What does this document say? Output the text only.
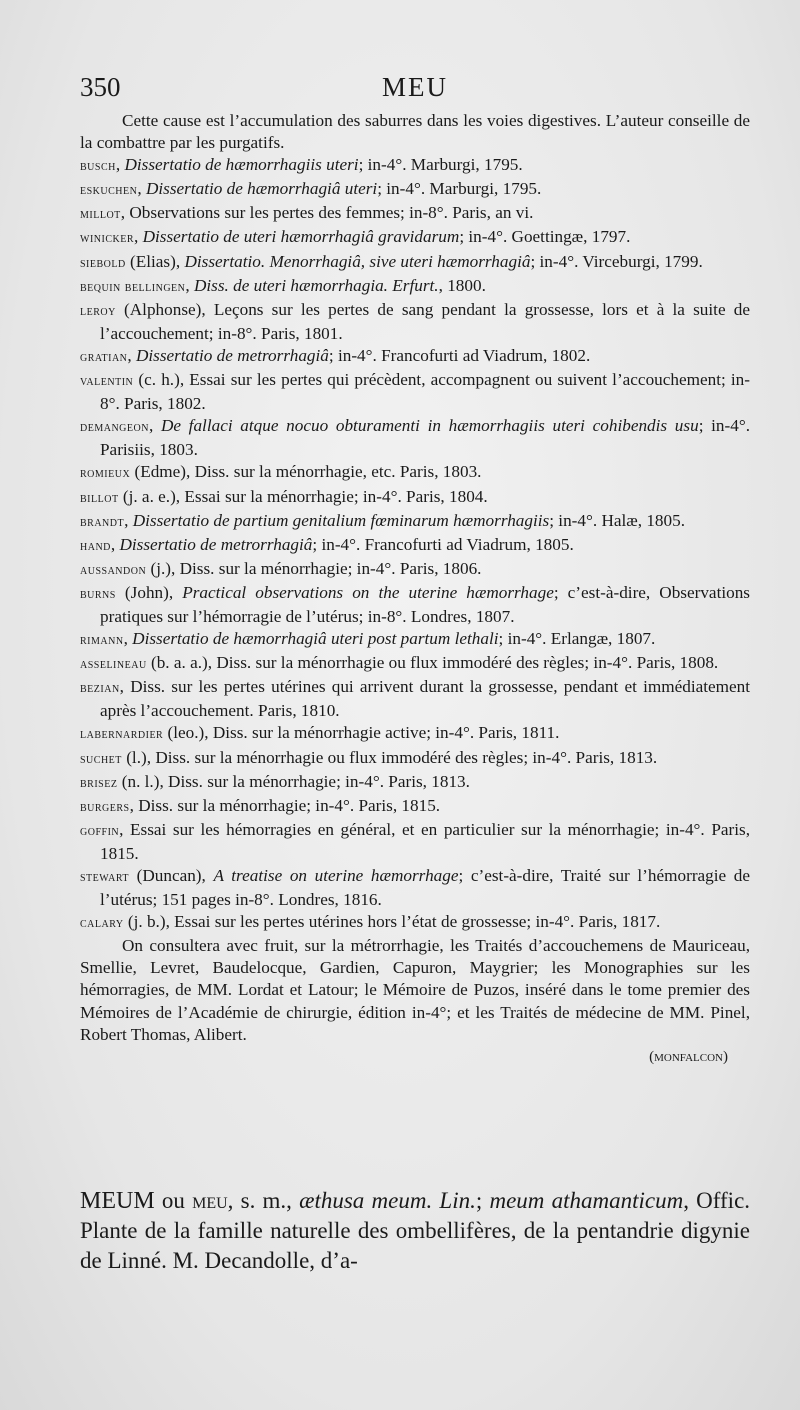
350	MEU

Cette cause est l’accumulation des saburres dans les voies digestives. L’auteur conseille de la combattre par les purgatifs.

busch, Dissertatio de hæmorrhagiis uteri; in-4°. Marburgi, 1795.

eskuchen, Dissertatio de hæmorrhagiâ uteri; in-4°. Marburgi, 1795.

millot, Observations sur les pertes des femmes; in-8°. Paris, an vi.

winicker, Dissertatio de uteri hæmorrhagiâ gravidarum; in-4°. Goettingæ, 1797.

siebold (Elias), Dissertatio. Menorrhagiâ, sive uteri hæmorrhagiâ; in-4°. Virceburgi, 1799.

bequin bellingen, Diss. de uteri hæmorrhagia. Erfurt., 1800.

leroy (Alphonse), Leçons sur les pertes de sang pendant la grossesse, lors et à la suite de l’accouchement; in-8°. Paris, 1801.

gratian, Dissertatio de metrorrhagiâ; in-4°. Francofurti ad Viadrum, 1802.

valentin (c. h.), Essai sur les pertes qui précèdent, accompagnent ou suivent l’accouchement; in-8°. Paris, 1802.

demangeon, De fallaci atque nocuo obturamenti in hæmorrhagiis uteri cohibendis usu; in-4°. Parisiis, 1803.

romieux (Edme), Diss. sur la ménorrhagie, etc. Paris, 1803.

billot (j. a. e.), Essai sur la ménorrhagie; in-4°. Paris, 1804.

brandt, Dissertatio de partium genitalium fœminarum hæmorrhagiis; in-4°. Halæ, 1805.

hand, Dissertatio de metrorrhagiâ; in-4°. Francofurti ad Viadrum, 1805.

aussandon (j.), Diss. sur la ménorrhagie; in-4°. Paris, 1806.

burns (John), Practical observations on the uterine hæmorrhage; c’est-à-dire, Observations pratiques sur l’hémorragie de l’utérus; in-8°. Londres, 1807.

rimann, Dissertatio de hæmorrhagiâ uteri post partum lethali; in-4°. Erlangæ, 1807.

asselineau (b. a. a.), Diss. sur la ménorrhagie ou flux immodéré des règles; in-4°. Paris, 1808.

bezian, Diss. sur les pertes utérines qui arrivent durant la grossesse, pendant et immédiatement après l’accouchement. Paris, 1810.

labernardier (leo.), Diss. sur la ménorrhagie active; in-4°. Paris, 1811.

suchet (l.), Diss. sur la ménorrhagie ou flux immodéré des règles; in-4°. Paris, 1813.

brisez (n. l.), Diss. sur la ménorrhagie; in-4°. Paris, 1813.

burgers, Diss. sur la ménorrhagie; in-4°. Paris, 1815.

goffin, Essai sur les hémorragies en général, et en particulier sur la ménorrhagie; in-4°. Paris, 1815.

stewart (Duncan), A treatise on uterine hæmorrhage; c’est-à-dire, Traité sur l’hémorragie de l’utérus; 151 pages in-8°. Londres, 1816.

calary (j. b.), Essai sur les pertes utérines hors l’état de grossesse; in-4°. Paris, 1817.

On consultera avec fruit, sur la métrorrhagie, les Traités d’accouchemens de Mauriceau, Smellie, Levret, Baudelocque, Gardien, Capuron, Maygrier; les Monographies sur les hémorragies, de MM. Lordat et Latour; le Mémoire de Puzos, inséré dans le tome premier des Mémoires de l’Académie de chirurgie, édition in-4°; et les Traités de médecine de MM. Pinel, Robert Thomas, Alibert.

(monfalcon)

MEUM ou meu, s. m., æthusa meum. Lin.; meum athamanticum, Offic. Plante de la famille naturelle des ombellifères, de la pentandrie digynie de Linné. M. Decandolle, d’a-
